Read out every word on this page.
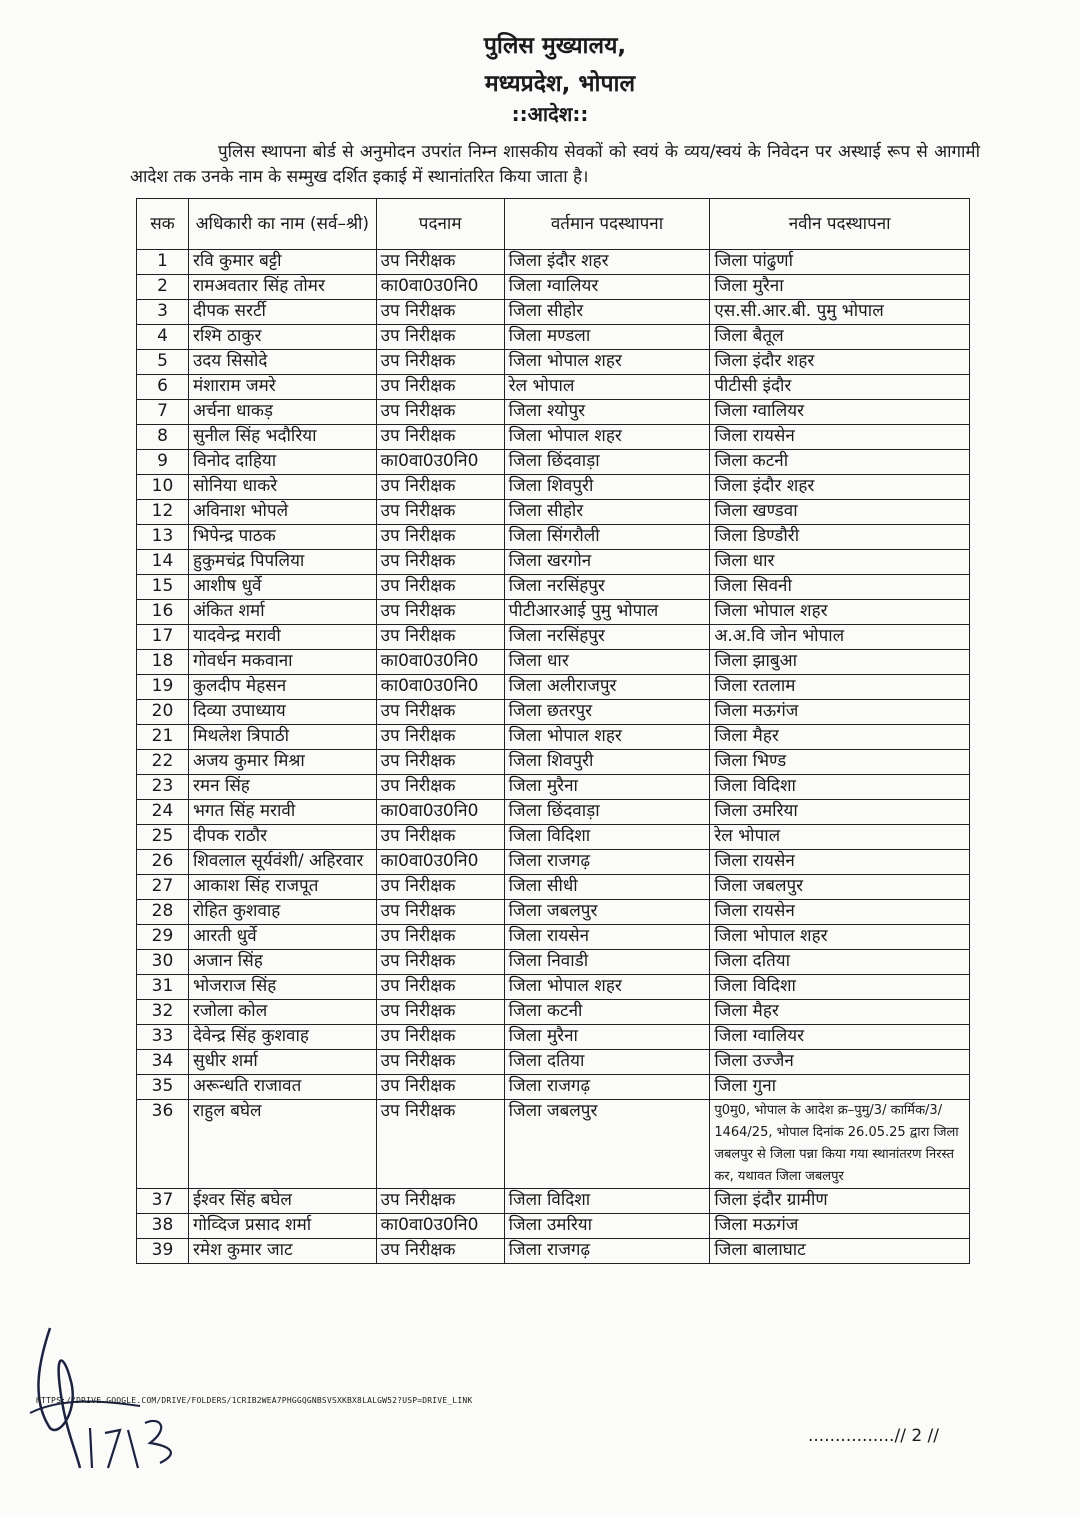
पुलिस मुख्यालय,
मध्यप्रदेश, भोपाल
::आदेश::
पुलिस स्थापना बोर्ड से अनुमोदन उपरांत निम्न शासकीय सेवकों को स्वयं के व्यय/स्वयं के निवेदन पर अस्थाई रूप से आगामी आदेश तक उनके नाम के सम्मुख दर्शित इकाई में स्थानांतरित किया जाता है।
सक	अधिकारी का नाम (सर्व–श्री)	पदनाम	वर्तमान पदस्थापना	नवीन पदस्थापना
1	रवि कुमार बट्टी	उप निरीक्षक	जिला इंदौर शहर	जिला पांढुर्णा
2	रामअवतार सिंह तोमर	का0वा0उ0नि0	जिला ग्वालियर	जिला मुरैना
3	दीपक सरर्टी	उप निरीक्षक	जिला सीहोर	एस.सी.आर.बी. पुमु भोपाल
4	रश्मि ठाकुर	उप निरीक्षक	जिला मण्डला	जिला बैतूल
5	उदय सिसोदे	उप निरीक्षक	जिला भोपाल शहर	जिला इंदौर शहर
6	मंशाराम जमरे	उप निरीक्षक	रेल भोपाल	पीटीसी इंदौर
7	अर्चना धाकड़	उप निरीक्षक	जिला श्योपुर	जिला ग्वालियर
8	सुनील सिंह भदौरिया	उप निरीक्षक	जिला भोपाल शहर	जिला रायसेन
9	विनोद दाहिया	का0वा0उ0नि0	जिला छिंदवाड़ा	जिला कटनी
10	सोनिया धाकरे	उप निरीक्षक	जिला शिवपुरी	जिला इंदौर शहर
12	अविनाश भोपले	उप निरीक्षक	जिला सीहोर	जिला खण्डवा
13	भिपेन्द्र पाठक	उप निरीक्षक	जिला सिंगरौली	जिला डिण्डौरी
14	हुकुमचंद्र पिपलिया	उप निरीक्षक	जिला खरगोन	जिला धार
15	आशीष धुर्वे	उप निरीक्षक	जिला नरसिंहपुर	जिला सिवनी
16	अंकित शर्मा	उप निरीक्षक	पीटीआरआई पुमु भोपाल	जिला भोपाल शहर
17	यादवेन्द्र मरावी	उप निरीक्षक	जिला नरसिंहपुर	अ.अ.वि जोन भोपाल
18	गोवर्धन मकवाना	का0वा0उ0नि0	जिला धार	जिला झाबुआ
19	कुलदीप मेहसन	का0वा0उ0नि0	जिला अलीराजपुर	जिला रतलाम
20	दिव्या उपाध्याय	उप निरीक्षक	जिला छतरपुर	जिला मऊगंज
21	मिथलेश त्रिपाठी	उप निरीक्षक	जिला भोपाल शहर	जिला मैहर
22	अजय कुमार मिश्रा	उप निरीक्षक	जिला शिवपुरी	जिला भिण्ड
23	रमन सिंह	उप निरीक्षक	जिला मुरैना	जिला विदिशा
24	भगत सिंह मरावी	का0वा0उ0नि0	जिला छिंदवाड़ा	जिला उमरिया
25	दीपक राठौर	उप निरीक्षक	जिला विदिशा	रेल भोपाल
26	शिवलाल सूर्यवंशी/ अहिरवार	का0वा0उ0नि0	जिला राजगढ़	जिला रायसेन
27	आकाश सिंह राजपूत	उप निरीक्षक	जिला सीधी	जिला जबलपुर
28	रोहित कुशवाह	उप निरीक्षक	जिला जबलपुर	जिला रायसेन
29	आरती धुर्वे	उप निरीक्षक	जिला रायसेन	जिला भोपाल शहर
30	अजान सिंह	उप निरीक्षक	जिला निवाडी	जिला दतिया
31	भोजराज सिंह	उप निरीक्षक	जिला भोपाल शहर	जिला विदिशा
32	रजोला कोल	उप निरीक्षक	जिला कटनी	जिला मैहर
33	देवेन्द्र सिंह कुशवाह	उप निरीक्षक	जिला मुरैना	जिला ग्वालियर
34	सुधीर शर्मा	उप निरीक्षक	जिला दतिया	जिला उज्जैन
35	अरून्धति राजावत	उप निरीक्षक	जिला राजगढ़	जिला गुना
36	राहुल बघेल	उप निरीक्षक	जिला जबलपुर	पु0मु0, भोपाल के आदेश क्र–पुमु/3/ कार्मिक/3/ 1464/25, भोपाल दिनांक 26.05.25 द्वारा जिला जबलपुर से जिला पन्ना किया गया स्थानांतरण निरस्त कर, यथावत जिला जबलपुर
37	ईश्वर सिंह बघेल	उप निरीक्षक	जिला विदिशा	जिला इंदौर ग्रामीण
38	गोव्दिज प्रसाद शर्मा	का0वा0उ0नि0	जिला उमरिया	जिला मऊगंज
39	रमेश कुमार जाट	उप निरीक्षक	जिला राजगढ़	जिला बालाघाट
HTTPS://DRIVE.GOOGLE.COM/DRIVE/FOLDERS/1CRIB2WEA7PHGGQGNBSVSXKBX8LALGW52?USP=DRIVE_LINK
................// 2 //
